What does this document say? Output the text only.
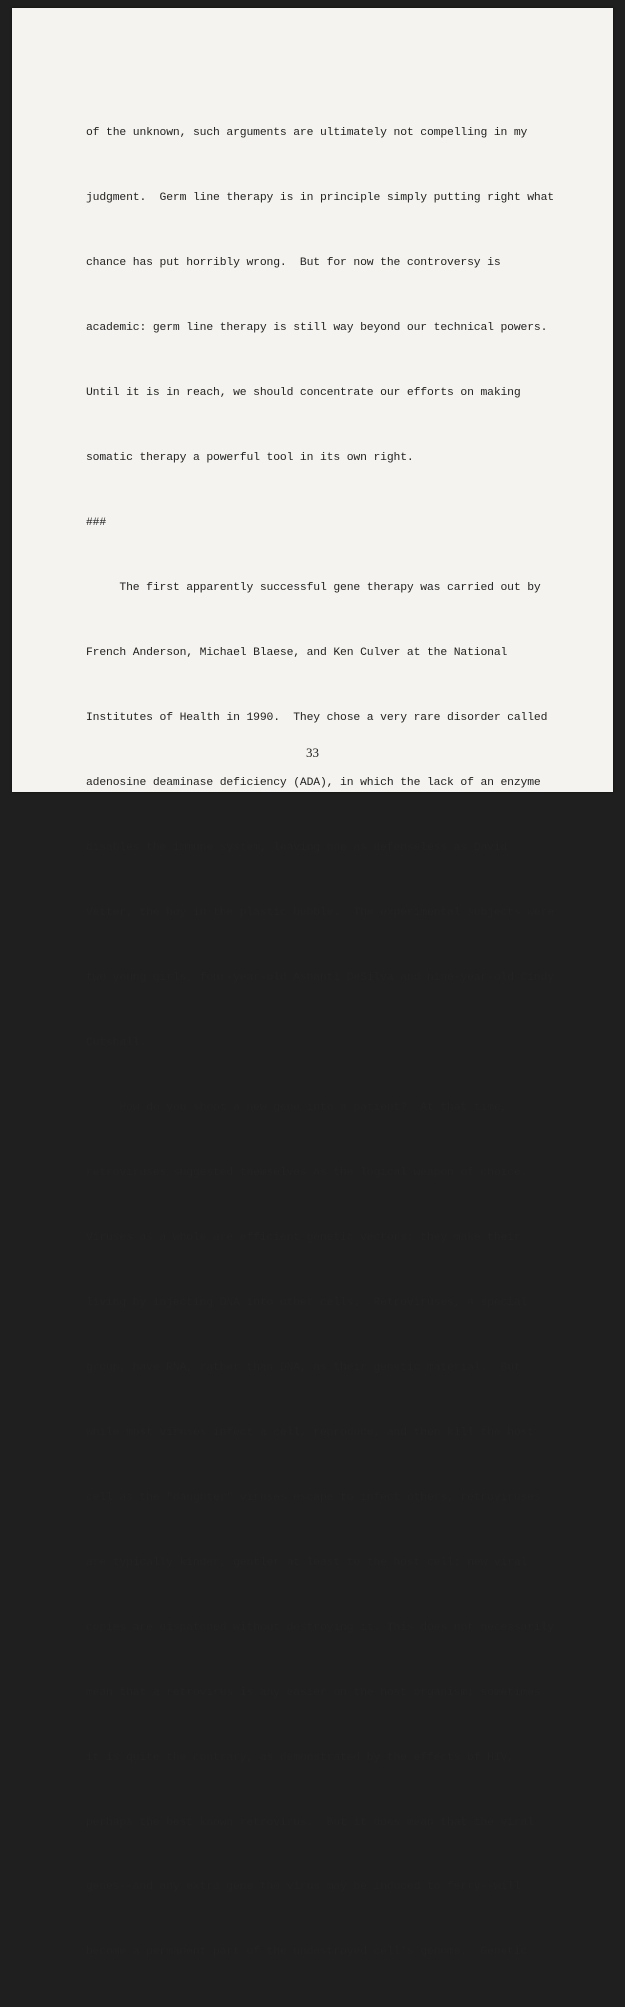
of the unknown, such arguments are ultimately not compelling in my

judgment.  Germ line therapy is in principle simply putting right what

chance has put horribly wrong.  But for now the controversy is

academic: germ line therapy is still way beyond our technical powers.

Until it is in reach, we should concentrate our efforts on making

somatic therapy a powerful tool in its own right.

###

The first apparently successful gene therapy was carried out by

French Anderson, Michael Blaese, and Ken Culver at the National

Institutes of Health in 1990.  They chose a very rare disorder called

adenosine deaminase deficiency (ADA), in which the lack of an enzyme

disables the immune system, leaving one as defenseless as David

Vetter, the boy in the plastic bubble.  The experimental subjects were

two young girls, four-year-old Ashanti DeSilva and nine-year-old Cindy

Cutshall.

How do you shoot a new gene into a patient?  At that time,

retroviruses suggested themselves as the logical weapon of choice.

Viruses as a whole are efficient genetic vectors; they make their

living by injecting DNA into other cells.  Retroviruses, a special

group, have RNA, rather than DNA, as their genetic material.  But

while most viruses infect a cell, reproduce, and then kill the host

cell as the "daughter" viruses escape to infect others, retroviruses

are typically kinder, gentler at least to the host cell: new viral

copies are dispatched without destroying it. This does not necessarily

mean that a retrovirus is any easier on the host organism; sometimes

it is quite the contrary, as demonstrated by the effects of HIV,

perhaps the best known retrovirus.  But it does mean that the viral

genes--and any extra gene the virus may be induced to ferry--will

become a permanent part of the undestroyed cell's genome.  Genetic

33
